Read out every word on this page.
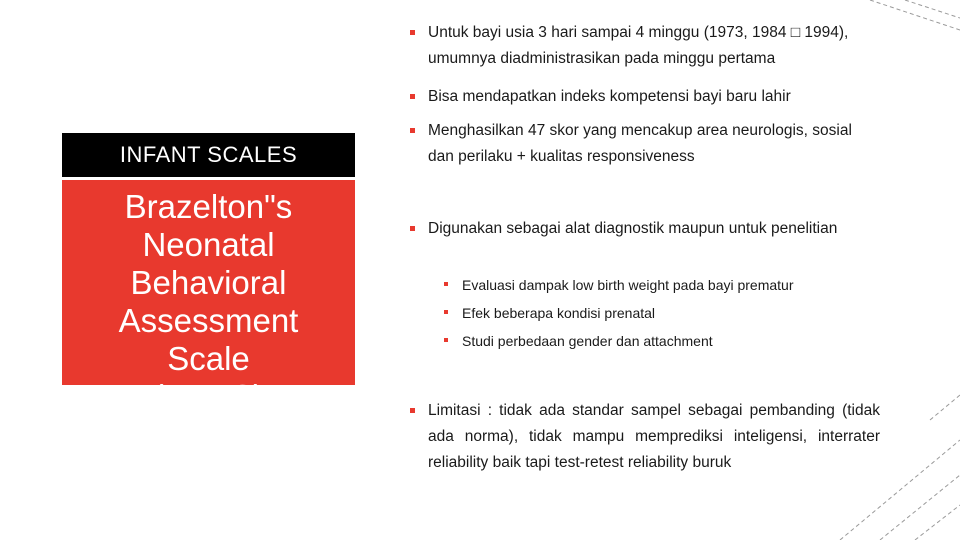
INFANT SCALES
Brazelton"s
Neonatal
Behavioral
Assessment
Scale
(NBAS)
Untuk bayi usia 3 hari sampai 4 minggu (1973, 1984 □ 1994), umumnya diadministrasikan pada minggu pertama
Bisa mendapatkan indeks kompetensi bayi baru lahir
Menghasilkan 47 skor yang mencakup area neurologis, sosial dan perilaku + kualitas responsiveness
Digunakan sebagai alat diagnostik maupun untuk penelitian
Evaluasi dampak low birth weight pada bayi prematur
Efek beberapa kondisi prenatal
Studi perbedaan gender dan attachment
Limitasi : tidak ada standar sampel sebagai pembanding (tidak ada norma), tidak mampu memprediksi inteligensi, interrater reliability baik tapi test-retest reliability buruk
